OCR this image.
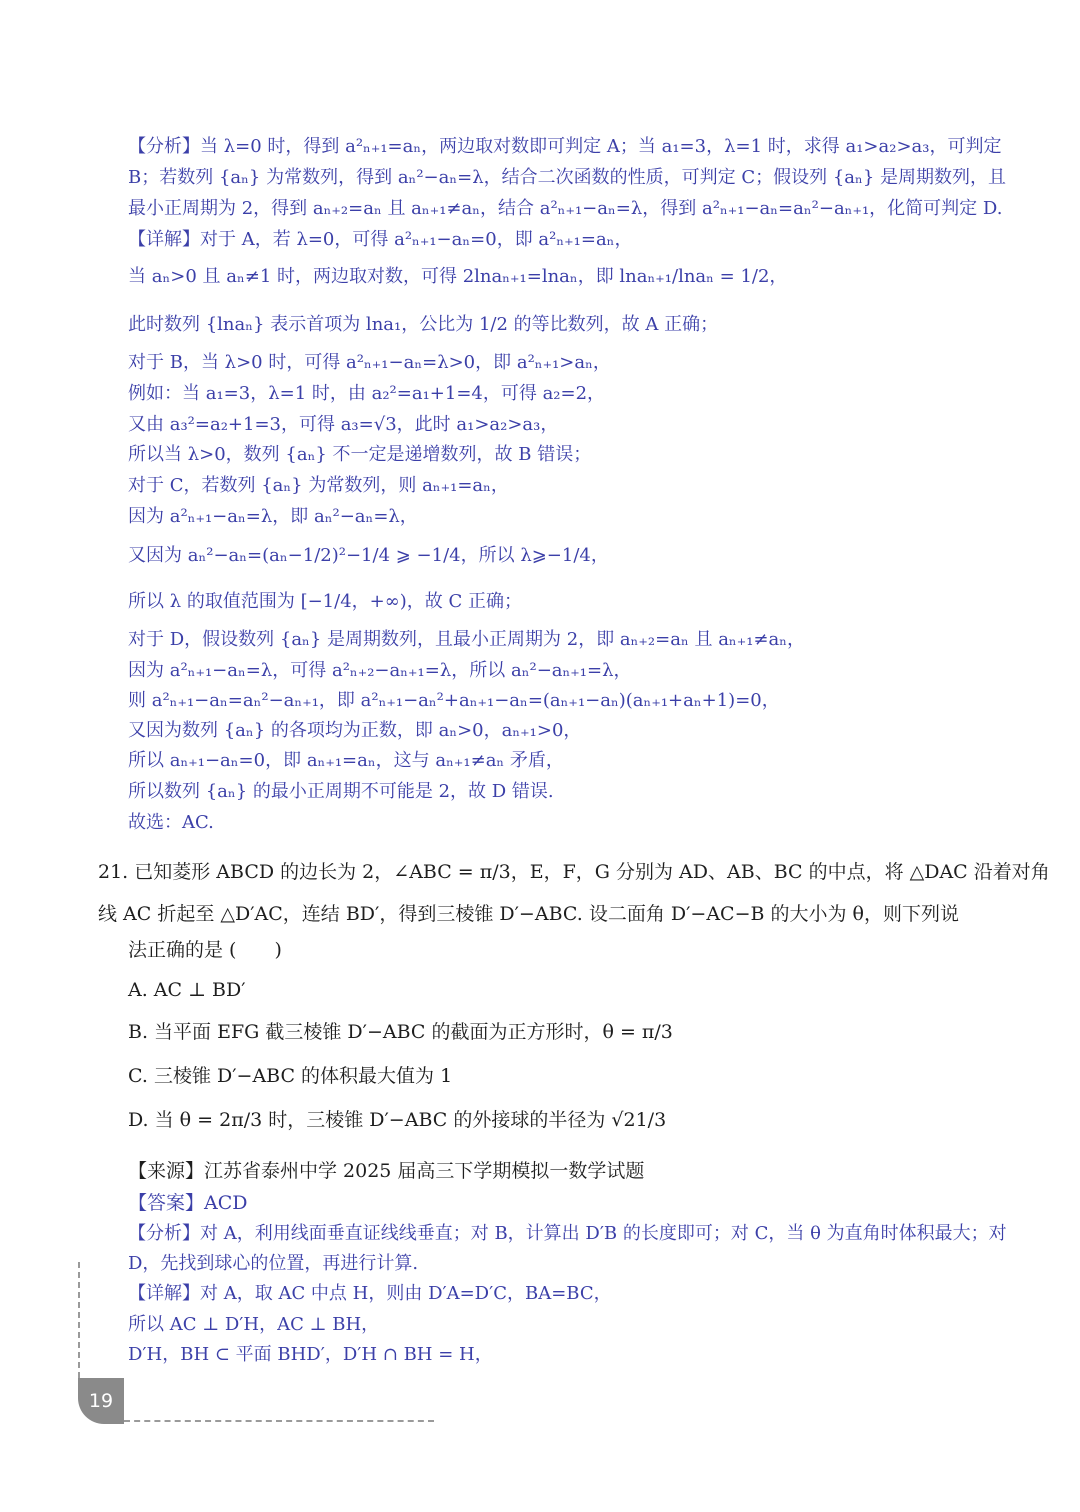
【分析】当 λ=0 时，得到 a²ₙ₊₁=aₙ，两边取对数即可判定 A；当 a₁=3，λ=1 时，求得 a₁>a₂>a₃，可判定
B；若数列 {aₙ} 为常数列，得到 aₙ²−aₙ=λ，结合二次函数的性质，可判定 C；假设列 {aₙ} 是周期数列，且
最小正周期为 2，得到 aₙ₊₂=aₙ 且 aₙ₊₁≠aₙ，结合 a²ₙ₊₁−aₙ=λ，得到 a²ₙ₊₁−aₙ=aₙ²−aₙ₊₁，化简可判定 D.
【详解】对于 A，若 λ=0，可得 a²ₙ₊₁−aₙ=0，即 a²ₙ₊₁=aₙ，
当 aₙ>0 且 aₙ≠1 时，两边取对数，可得 2lnaₙ₊₁=lnaₙ，即 lnaₙ₊₁/lnaₙ = 1/2，
此时数列 {lnaₙ} 表示首项为 lna₁，公比为 1/2 的等比数列，故 A 正确；
对于 B，当 λ>0 时，可得 a²ₙ₊₁−aₙ=λ>0，即 a²ₙ₊₁>aₙ，
例如：当 a₁=3，λ=1 时，由 a₂²=a₁+1=4，可得 a₂=2，
又由 a₃²=a₂+1=3，可得 a₃=√3，此时 a₁>a₂>a₃，
所以当 λ>0，数列 {aₙ} 不一定是递增数列，故 B 错误；
对于 C，若数列 {aₙ} 为常数列，则 aₙ₊₁=aₙ，
因为 a²ₙ₊₁−aₙ=λ，即 aₙ²−aₙ=λ，
又因为 aₙ²−aₙ=(aₙ−1/2)²−1/4 ⩾ −1/4，所以 λ⩾−1/4，
所以 λ 的取值范围为 [−1/4，+∞)，故 C 正确；
对于 D，假设数列 {aₙ} 是周期数列，且最小正周期为 2，即 aₙ₊₂=aₙ 且 aₙ₊₁≠aₙ，
因为 a²ₙ₊₁−aₙ=λ，可得 a²ₙ₊₂−aₙ₊₁=λ，所以 aₙ²−aₙ₊₁=λ，
则 a²ₙ₊₁−aₙ=aₙ²−aₙ₊₁，即 a²ₙ₊₁−aₙ²+aₙ₊₁−aₙ=(aₙ₊₁−aₙ)(aₙ₊₁+aₙ+1)=0，
又因为数列 {aₙ} 的各项均为正数，即 aₙ>0，aₙ₊₁>0，
所以 aₙ₊₁−aₙ=0，即 aₙ₊₁=aₙ，这与 aₙ₊₁≠aₙ 矛盾，
所以数列 {aₙ} 的最小正周期不可能是 2，故 D 错误.
故选：AC.
21. 已知菱形 ABCD 的边长为 2，∠ABC = π/3，E，F，G 分别为 AD、AB、BC 的中点，将 △DAC 沿着对角
线 AC 折起至 △D′AC，连结 BD′，得到三棱锥 D′−ABC. 设二面角 D′−AC−B 的大小为 θ，则下列说
法正确的是 (　　)
A. AC ⊥ BD′
B. 当平面 EFG 截三棱锥 D′−ABC 的截面为正方形时，θ = π/3
C. 三棱锥 D′−ABC 的体积最大值为 1
D. 当 θ = 2π/3 时，三棱锥 D′−ABC 的外接球的半径为 √21/3
【来源】江苏省泰州中学 2025 届高三下学期模拟一数学试题
【答案】ACD
【分析】对 A，利用线面垂直证线线垂直；对 B，计算出 D′B 的长度即可；对 C，当 θ 为直角时体积最大；对
D，先找到球心的位置，再进行计算.
【详解】对 A，取 AC 中点 H，则由 D′A=D′C，BA=BC，
所以 AC ⊥ D′H，AC ⊥ BH，
D′H，BH ⊂ 平面 BHD′，D′H ∩ BH = H，
19
